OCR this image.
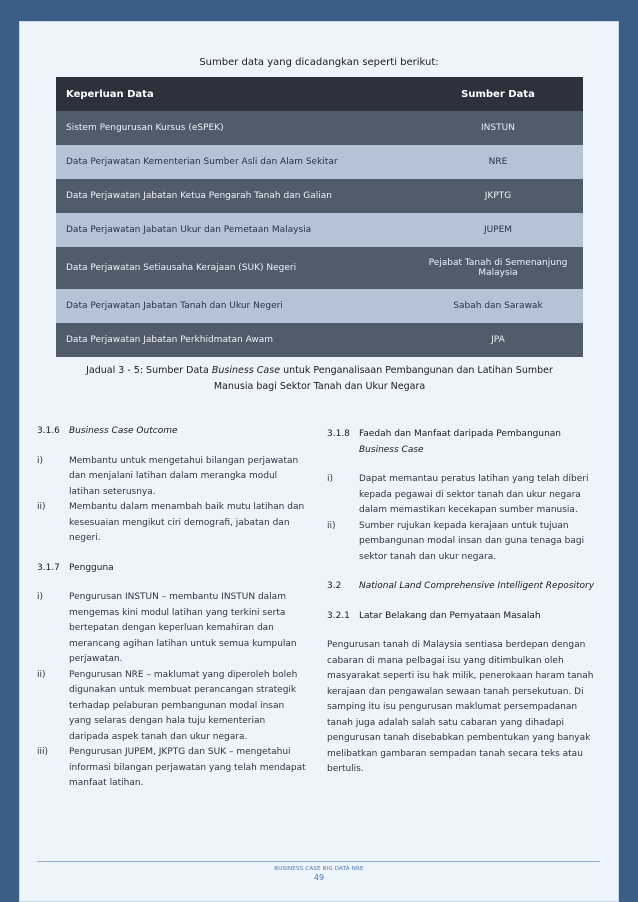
Sumber data yang dicadangkan seperti berikut:
Keperluan Data	Sumber Data
Sistem Pengurusan Kursus (eSPEK)	INSTUN
Data Perjawatan Kementerian Sumber Asli dan Alam Sekitar	NRE
Data Perjawatan Jabatan Ketua Pengarah Tanah dan Galian	JKPTG
Data Perjawatan Jabatan Ukur dan Pemetaan Malaysia	JUPEM
Data Perjawatan Setiausaha Kerajaan (SUK) Negeri	Pejabat Tanah di Semenanjung Malaysia
Data Perjawatan Jabatan Tanah dan Ukur Negeri	Sabah dan Sarawak
Data Perjawatan Jabatan Perkhidmatan Awam	JPA
Jadual 3 - 5: Sumber Data Business Case untuk Penganalisaan Pembangunan dan Latihan Sumber
Manusia bagi Sektor Tanah dan Ukur Negara
3.1.6	Business Case Outcome
i)	Membantu untuk mengetahui bilangan perjawatan dan menjalani latihan dalam merangka modul latihan seterusnya.
ii)	Membantu dalam menambah baik mutu latihan dan kesesuaian mengikut ciri demografi, jabatan dan negeri.
3.1.7	Pengguna
i)	Pengurusan INSTUN – membantu INSTUN dalam mengemas kini modul latihan yang terkini serta bertepatan dengan keperluan kemahiran dan merancang agihan latihan untuk semua kumpulan perjawatan.
ii)	Pengurusan NRE – maklumat yang diperoleh boleh digunakan untuk membuat perancangan strategik terhadap pelaburan pembangunan modal insan yang selaras dengan hala tuju kementerian daripada aspek tanah dan ukur negara.
iii)	Pengurusan JUPEM, JKPTG dan SUK – mengetahui informasi bilangan perjawatan yang telah mendapat manfaat latihan.
3.1.8	Faedah dan Manfaat daripada Pembangunan
Business Case
i)	Dapat memantau peratus latihan yang telah diberi kepada pegawai di sektor tanah dan ukur negara dalam memastikan kecekapan sumber manusia.
ii)	Sumber rujukan kepada kerajaan untuk tujuan pembangunan modal insan dan guna tenaga bagi sektor tanah dan ukur negara.
3.2	National Land Comprehensive Intelligent Repository
3.2.1	Latar Belakang dan Pernyataan Masalah
Pengurusan tanah di Malaysia sentiasa berdepan dengan cabaran di mana pelbagai isu yang ditimbulkan oleh masyarakat seperti isu hak milik, penerokaan haram tanah kerajaan dan pengawalan sewaan tanah persekutuan. Di samping itu isu pengurusan maklumat persempadanan tanah juga adalah salah satu cabaran yang dihadapi pengurusan tanah disebabkan pembentukan yang banyak melibatkan gambaran sempadan tanah secara teks atau bertulis.
BUSINESS CASE BIG DATA NRE
49
